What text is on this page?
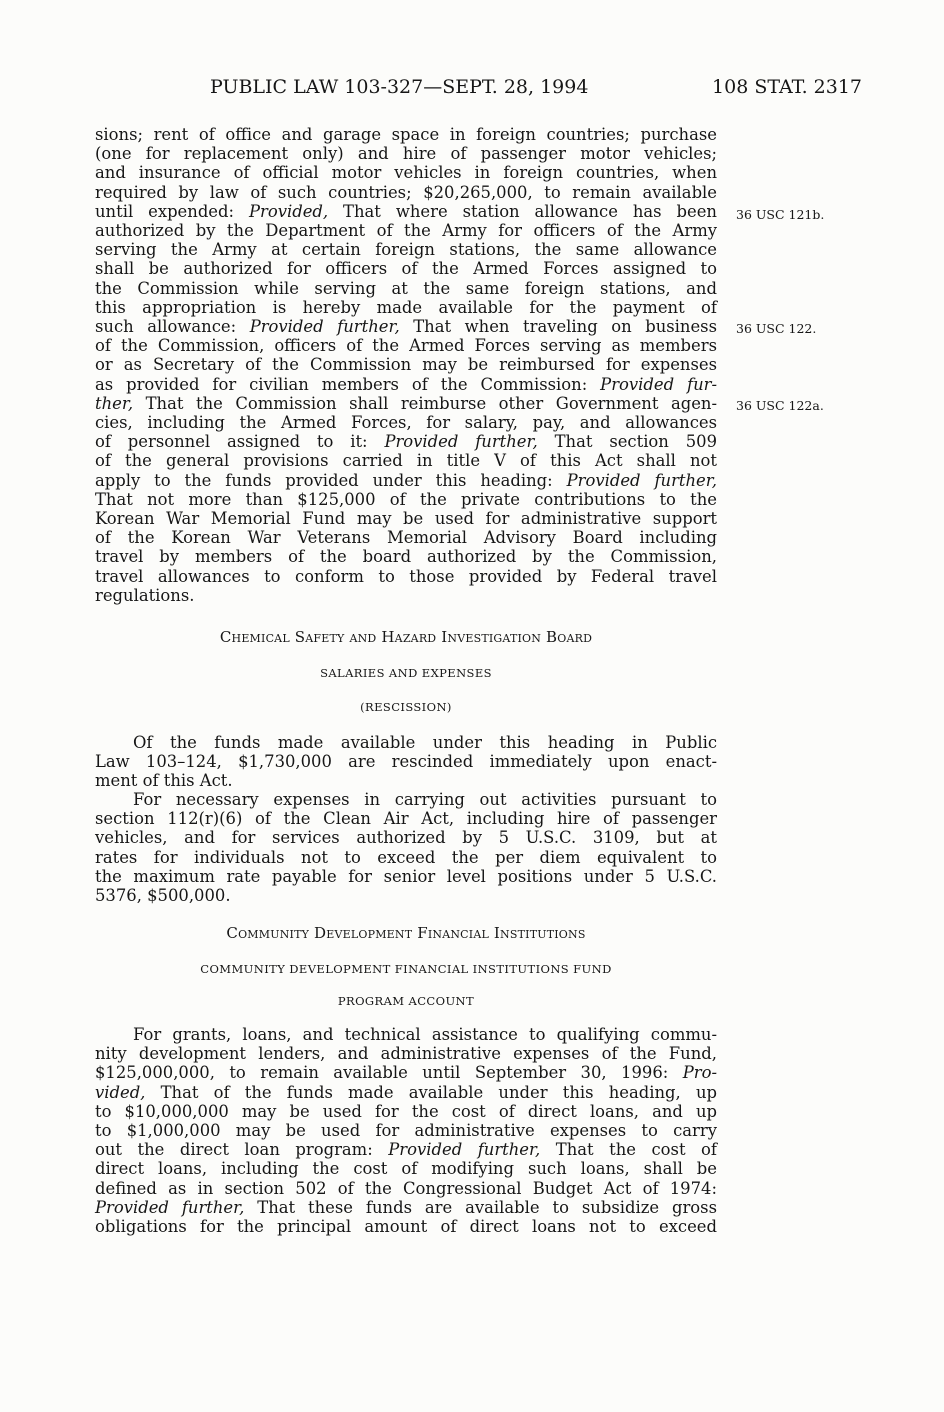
PUBLIC LAW 103-327—SEPT. 28, 1994	108 STAT. 2317

sions; rent of office and garage space in foreign countries; purchase

(one for replacement only) and hire of passenger motor vehicles;

and insurance of official motor vehicles in foreign countries, when

required by law of such countries; $20,265,000, to remain available

until expended: Provided, That where station allowance has been

authorized by the Department of the Army for officers of the Army

serving the Army at certain foreign stations, the same allowance

shall be authorized for officers of the Armed Forces assigned to

the Commission while serving at the same foreign stations, and

this appropriation is hereby made available for the payment of

such allowance: Provided further, That when traveling on business

of the Commission, officers of the Armed Forces serving as members

or as Secretary of the Commission may be reimbursed for expenses

as provided for civilian members of the Commission: Provided fur-

ther, That the Commission shall reimburse other Government agen-

cies, including the Armed Forces, for salary, pay, and allowances

of personnel assigned to it: Provided further, That section 509

of the general provisions carried in title V of this Act shall not

apply to the funds provided under this heading: Provided further,

That not more than $125,000 of the private contributions to the

Korean War Memorial Fund may be used for administrative support

of the Korean War Veterans Memorial Advisory Board including

travel by members of the board authorized by the Commission,

travel allowances to conform to those provided by Federal travel

regulations.

36 USC 121b.
36 USC 122.
36 USC 122a.
Chemical Safety and Hazard Investigation Board
SALARIES AND EXPENSES
(RESCISSION)

Of the funds made available under this heading in Public

Law 103–124, $1,730,000 are rescinded immediately upon enact-

ment of this Act.

For necessary expenses in carrying out activities pursuant to

section 112(r)(6) of the Clean Air Act, including hire of passenger

vehicles, and for services authorized by 5 U.S.C. 3109, but at

rates for individuals not to exceed the per diem equivalent to

the maximum rate payable for senior level positions under 5 U.S.C.

5376, $500,000.

Community Development Financial Institutions
COMMUNITY DEVELOPMENT FINANCIAL INSTITUTIONS FUND
PROGRAM ACCOUNT

For grants, loans, and technical assistance to qualifying commu-

nity development lenders, and administrative expenses of the Fund,

$125,000,000, to remain available until September 30, 1996: Pro-

vided, That of the funds made available under this heading, up

to $10,000,000 may be used for the cost of direct loans, and up

to $1,000,000 may be used for administrative expenses to carry

out the direct loan program: Provided further, That the cost of

direct loans, including the cost of modifying such loans, shall be

defined as in section 502 of the Congressional Budget Act of 1974:

Provided further, That these funds are available to subsidize gross

obligations for the principal amount of direct loans not to exceed
